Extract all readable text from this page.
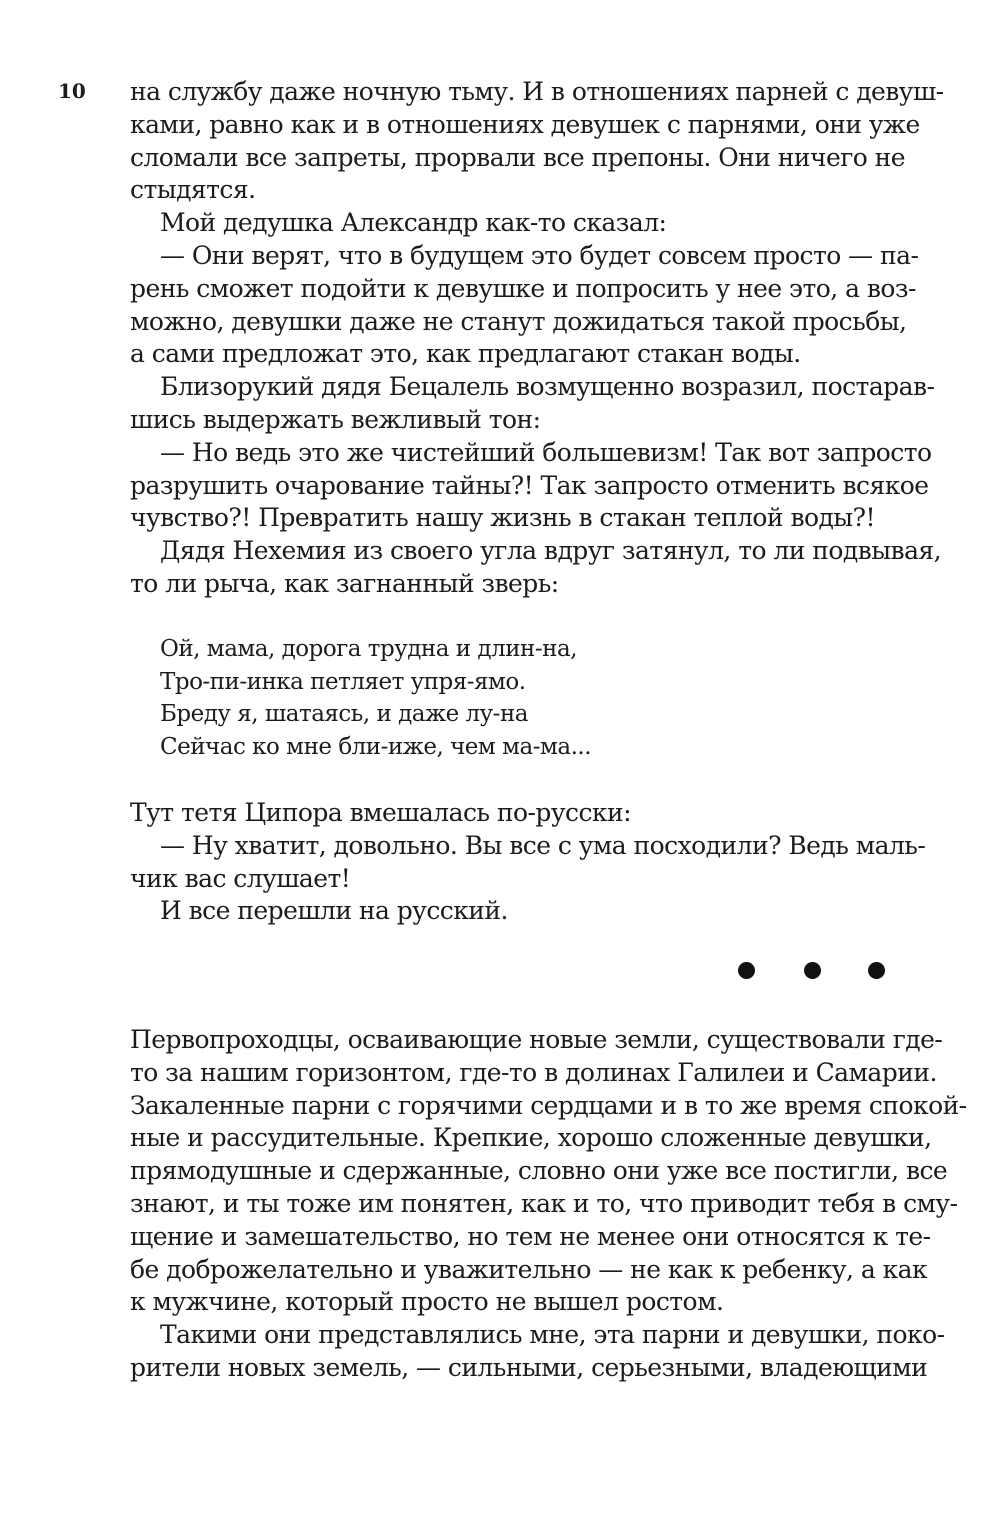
10 на службу даже ночную тьму. И в отношениях парней с девуш-
ками, равно как и в отношениях девушек с парнями, они уже
сломали все запреты, прорвали все препоны. Они ничего не
стыдятся.
Мой дедушка Александр как-то сказал:
— Они верят, что в будущем это будет совсем просто — па-
рень сможет подойти к девушке и попросить у нее это, а воз-
можно, девушки даже не станут дожидаться такой просьбы,
а сами предложат это, как предлагают стакан воды.
Близорукий дядя Бецалель возмущенно возразил, постарав-
шись выдержать вежливый тон:
— Но ведь это же чистейший большевизм! Так вот запросто
разрушить очарование тайны?! Так запросто отменить всякое
чувство?! Превратить нашу жизнь в стакан теплой воды?!
Дядя Нехемия из своего угла вдруг затянул, то ли подвывая,
то ли рыча, как загнанный зверь:
Ой, мама, дорога трудна и длин-на,
Тро-пи-инка петляет упря-ямо.
Бреду я, шатаясь, и даже лу-на
Сейчас ко мне бли-иже, чем ма-ма...
Тут тетя Ципора вмешалась по-русски:
— Ну хватит, довольно. Вы все с ума посходили? Ведь маль-
чик вас слушает!
И все перешли на русский.
Первопроходцы, осваивающие новые земли, существовали где-
то за нашим горизонтом, где-то в долинах Галилеи и Самарии.
Закаленные парни с горячими сердцами и в то же время спокой-
ные и рассудительные. Крепкие, хорошо сложенные девушки,
прямодушные и сдержанные, словно они уже все постигли, все
знают, и ты тоже им понятен, как и то, что приводит тебя в сму-
щение и замешательство, но тем не менее они относятся к те-
бе доброжелательно и уважительно — не как к ребенку, а как
к мужчине, который просто не вышел ростом.
Такими они представлялись мне, эта парни и девушки, поко-
рители новых земель, — сильными, серьезными, владеющими
